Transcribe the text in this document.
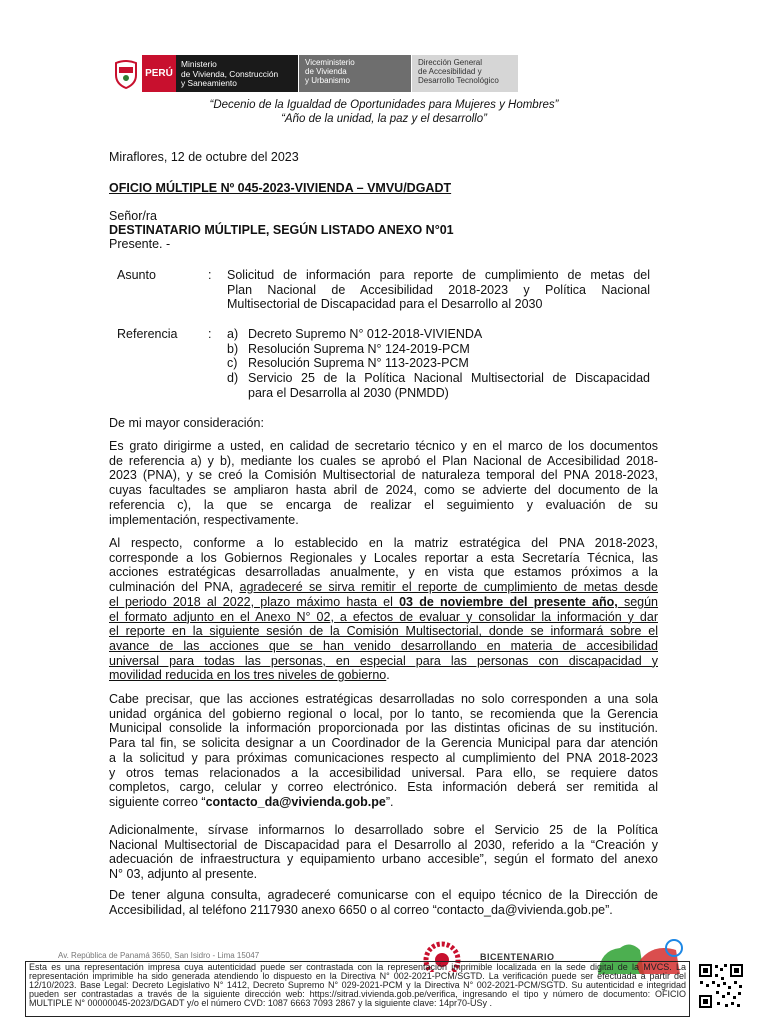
PERÚ
Ministerio
de Vivienda, Construcción
y Saneamiento
Viceministerio
de Vivienda
y Urbanismo
Dirección General
de Accesibilidad y
Desarrollo Tecnológico
“Decenio de la Igualdad de Oportunidades para Mujeres y Hombres”
“Año de la unidad, la paz y el desarrollo”
Miraflores, 12 de octubre del 2023
OFICIO MÚLTIPLE Nº 045-2023-VIVIENDA – VMVU/DGADT
Señor/ra
DESTINATARIO MÚLTIPLE, SEGÚN LISTADO ANEXO N°01
Presente. -
Asunto	: Solicitud de información para reporte de cumplimiento de metas del
Plan Nacional de Accesibilidad 2018-2023 y Política Nacional
Multisectorial de Discapacidad para el Desarrollo al 2030
Referencia : a)
b)
c)
d)
Decreto Supremo N° 012-2018-VIVIENDA
Resolución Suprema N° 124-2019-PCM
Resolución Suprema N° 113-2023-PCM
Servicio 25 de la Política Nacional Multisectorial de Discapacidad
para el Desarrolla al 2030 (PNMDD)
De mi mayor consideración:
Es grato dirigirme a usted, en calidad de secretario técnico y en el marco de los documentos
de referencia a) y b), mediante los cuales se aprobó el Plan Nacional de Accesibilidad 2018-
2023 (PNA), y se creó la Comisión Multisectorial de naturaleza temporal del PNA 2018-2023,
cuyas facultades se ampliaron hasta abril de 2024, como se advierte del documento de la
referencia c), la que se encarga de realizar el seguimiento y evaluación de su
implementación, respectivamente.
Al respecto, conforme a lo establecido en la matriz estratégica del PNA 2018-2023,
corresponde a los Gobiernos Regionales y Locales reportar a esta Secretaría Técnica, las
acciones estratégicas desarrolladas anualmente, y en vista que estamos próximos a la
culminación del PNA, agradeceré se sirva remitir el reporte de cumplimiento de metas desde
el periodo 2018 al 2022, plazo máximo hasta el 03 de noviembre del presente año, según
el formato adjunto en el Anexo N° 02, a efectos de evaluar y consolidar la información y dar
el reporte en la siguiente sesión de la Comisión Multisectorial, donde se informará sobre el
avance de las acciones que se han venido desarrollando en materia de accesibilidad
universal para todas las personas, en especial para las personas con discapacidad y
movilidad reducida en los tres niveles de gobierno.
Cabe precisar, que las acciones estratégicas desarrolladas no solo corresponden a una sola
unidad orgánica del gobierno regional o local, por lo tanto, se recomienda que la Gerencia
Municipal consolide la información proporcionada por las distintas oficinas de su institución.
Para tal fin, se solicita designar a un Coordinador de la Gerencia Municipal para dar atención
a la solicitud y para próximas comunicaciones respecto al cumplimiento del PNA 2018-2023
y otros temas relacionados a la accesibilidad universal. Para ello, se requiere datos
completos, cargo, celular y correo electrónico. Esta información deberá ser remitida al
siguiente correo “contacto_da@vivienda.gob.pe”.
Adicionalmente, sírvase informarnos lo desarrollado sobre el Servicio 25 de la Política
Nacional Multisectorial de Discapacidad para el Desarrollo al 2030, referido a la “Creación y
adecuación de infraestructura y equipamiento urbano accesible”, según el formato del anexo
N° 03, adjunto al presente.
De tener alguna consulta, agradeceré comunicarse con el equipo técnico de la Dirección de
Accesibilidad, al teléfono 2117930 anexo 6650 o al correo “contacto_da@vivienda.gob.pe”.
Av. República de Panamá 3650, San Isidro - Lima 15047	BICENTENARIO
Esta es una representación impresa cuya autenticidad puede ser contrastada con la representación imprimible localizada en la sede digital de la MVCS. La representación imprimible ha sido generada atendiendo lo dispuesto en la Directiva N° 002-2021-PCM/SGTD. La verificación puede ser efectuada a partir del 12/10/2023. Base Legal: Decreto Legislativo N° 1412, Decreto Supremo N° 029-2021-PCM y la Directiva N° 002-2021-PCM/SGTD. Su autenticidad e integridad pueden ser contrastadas a través de la siguiente dirección web: https://sitrad.vivienda.gob.pe/verifica, ingresando el tipo y número de documento: OFICIO MULTIPLE N° 00000045-2023/DGADT y/o el número CVD: 1087 6663 7093 2867 y la siguiente clave: 14pr70-USy .
